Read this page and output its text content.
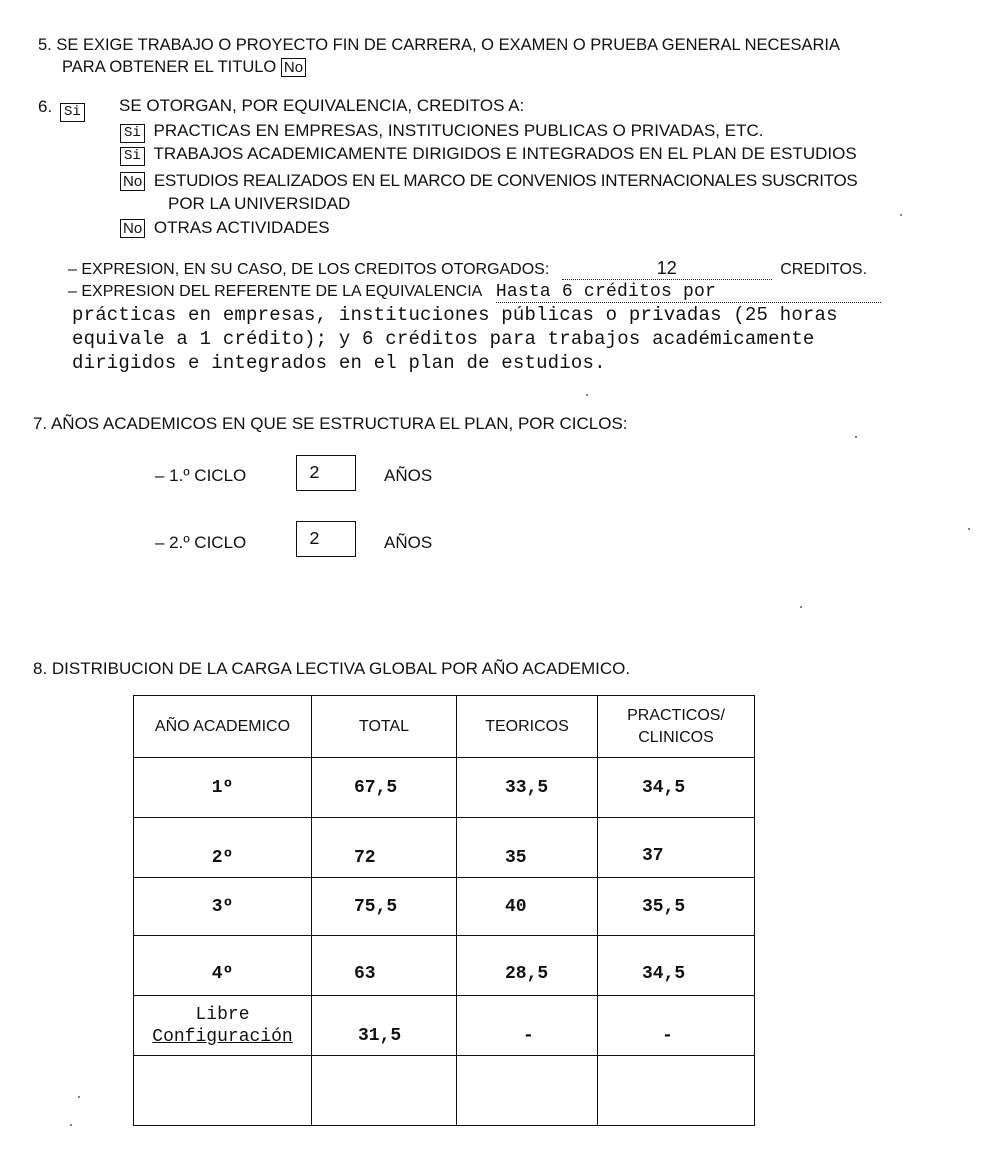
5. SE EXIGE TRABAJO O PROYECTO FIN DE CARRERA, O EXAMEN O PRUEBA GENERAL NECESARIA
PARA OBTENER EL TITULO No
6. Si SE OTORGAN, POR EQUIVALENCIA, CREDITOS A:
Si PRACTICAS EN EMPRESAS, INSTITUCIONES PUBLICAS O PRIVADAS, ETC.
Si TRABAJOS ACADEMICAMENTE DIRIGIDOS E INTEGRADOS EN EL PLAN DE ESTUDIOS
No ESTUDIOS REALIZADOS EN EL MARCO DE CONVENIOS INTERNACIONALES SUSCRITOS
POR LA UNIVERSIDAD
No OTRAS ACTIVIDADES
– EXPRESION, EN SU CASO, DE LOS CREDITOS OTORGADOS:	12	CREDITOS.
– EXPRESION DEL REFERENTE DE LA EQUIVALENCIA Hasta 6 créditos por
prácticas en empresas, instituciones públicas o privadas (25 horas
equivale a 1 crédito); y 6 créditos para trabajos académicamente
dirigidos e integrados en el plan de estudios.
7. AÑOS ACADEMICOS EN QUE SE ESTRUCTURA EL PLAN, POR CICLOS:
– 1.º CICLO	2	AÑOS
– 2.º CICLO	2	AÑOS
8. DISTRIBUCION DE LA CARGA LECTIVA GLOBAL POR AÑO ACADEMICO.
AÑO ACADEMICO	TOTAL	TEORICOS	PRACTICOS/
CLINICOS

1º	67,5	33,5	34,5
2º	72	35	37
3º	75,5	40	35,5
4º	63	28,5	34,5

Libre
Configuración	31,5	-	-
